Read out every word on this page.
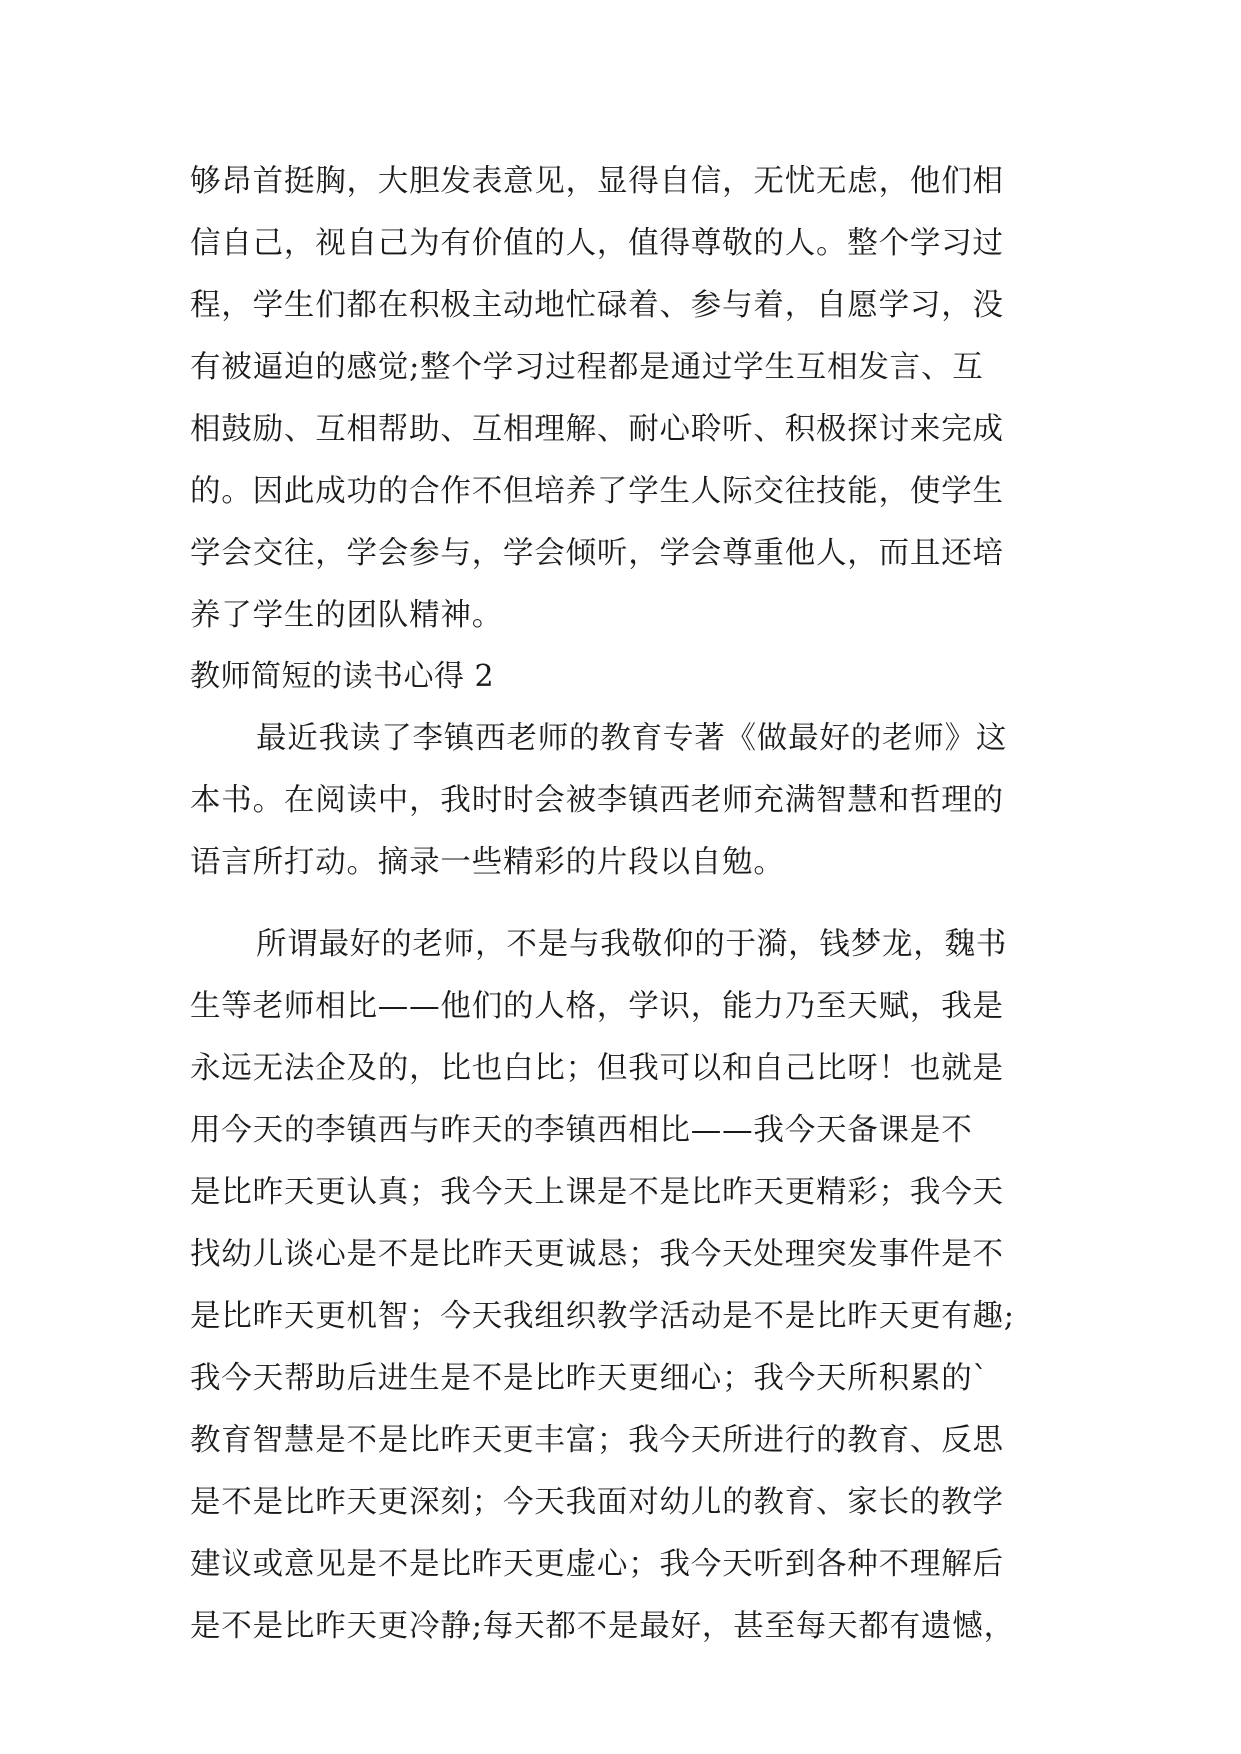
够昂首挺胸，大胆发表意见，显得自信，无忧无虑，他们相
信自己，视自己为有价值的人，值得尊敬的人。整个学习过
程，学生们都在积极主动地忙碌着、参与着，自愿学习，没
有被逼迫的感觉;整个学习过程都是通过学生互相发言、互
相鼓励、互相帮助、互相理解、耐心聆听、积极探讨来完成
的。因此成功的合作不但培养了学生人际交往技能，使学生
学会交往，学会参与，学会倾听，学会尊重他人，而且还培
养了学生的团队精神。
教师简短的读书心得 2
最近我读了李镇西老师的教育专著《做最好的老师》这
本书。在阅读中，我时时会被李镇西老师充满智慧和哲理的
语言所打动。摘录一些精彩的片段以自勉。
所谓最好的老师，不是与我敬仰的于漪，钱梦龙，魏书
生等老师相比——他们的人格，学识，能力乃至天赋，我是
永远无法企及的，比也白比；但我可以和自己比呀！也就是
用今天的李镇西与昨天的李镇西相比——我今天备课是不
是比昨天更认真；我今天上课是不是比昨天更精彩；我今天
找幼儿谈心是不是比昨天更诚恳；我今天处理突发事件是不
是比昨天更机智；今天我组织教学活动是不是比昨天更有趣;
我今天帮助后进生是不是比昨天更细心；我今天所积累的`
教育智慧是不是比昨天更丰富；我今天所进行的教育、反思
是不是比昨天更深刻；今天我面对幼儿的教育、家长的教学
建议或意见是不是比昨天更虚心；我今天听到各种不理解后
是不是比昨天更冷静;每天都不是最好，甚至每天都有遗憾，
